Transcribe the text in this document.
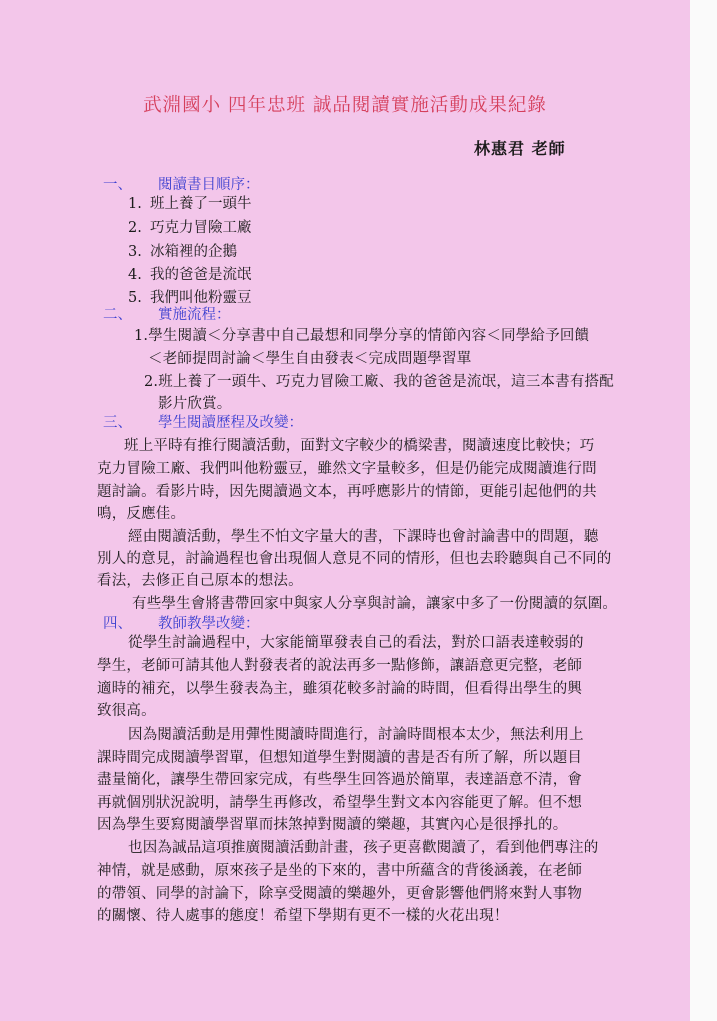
武淵國小 四年忠班 誠品閱讀實施活動成果紀錄
林惠君 老師
一、 閱讀書目順序：
1. 班上養了一頭牛
2. 巧克力冒險工廠
3. 冰箱裡的企鵝
4. 我的爸爸是流氓
5. 我們叫他粉靈豆
二、 實施流程：
1.學生閱讀＜分享書中自己最想和同學分享的情節內容＜同學給予回饋
＜老師提問討論＜學生自由發表＜完成問題學習單
2.班上養了一頭牛、巧克力冒險工廠、我的爸爸是流氓，這三本書有搭配
影片欣賞。
三、 學生閱讀歷程及改變：
班上平時有推行閱讀活動，面對文字較少的橋梁書，閱讀速度比較快；巧
克力冒險工廠、我們叫他粉靈豆，雖然文字量較多，但是仍能完成閱讀進行問
題討論。看影片時，因先閱讀過文本，再呼應影片的情節，更能引起他們的共
鳴，反應佳。
經由閱讀活動，學生不怕文字量大的書，下課時也會討論書中的問題，聽
別人的意見，討論過程也會出現個人意見不同的情形，但也去聆聽與自己不同的
看法，去修正自己原本的想法。
有些學生會將書帶回家中與家人分享與討論，讓家中多了一份閱讀的氛圍。
四、 教師教學改變：
從學生討論過程中，大家能簡單發表自己的看法，對於口語表達較弱的
學生，老師可請其他人對發表者的說法再多一點修飾，讓語意更完整，老師
適時的補充，以學生發表為主，雖須花較多討論的時間，但看得出學生的興
致很高。
因為閱讀活動是用彈性閱讀時間進行，討論時間根本太少，無法利用上
課時間完成閱讀學習單，但想知道學生對閱讀的書是否有所了解，所以題目
盡量簡化，讓學生帶回家完成，有些學生回答過於簡單，表達語意不清，會
再就個別狀況說明，請學生再修改，希望學生對文本內容能更了解。但不想
因為學生要寫閱讀學習單而抹煞掉對閱讀的樂趣，其實內心是很掙扎的。
也因為誠品這項推廣閱讀活動計畫，孩子更喜歡閱讀了，看到他們專注的
神情，就是感動，原來孩子是坐的下來的，書中所蘊含的背後涵義，在老師
的帶領、同學的討論下，除享受閱讀的樂趣外，更會影響他們將來對人事物
的關懷、待人處事的態度！希望下學期有更不一樣的火花出現！
